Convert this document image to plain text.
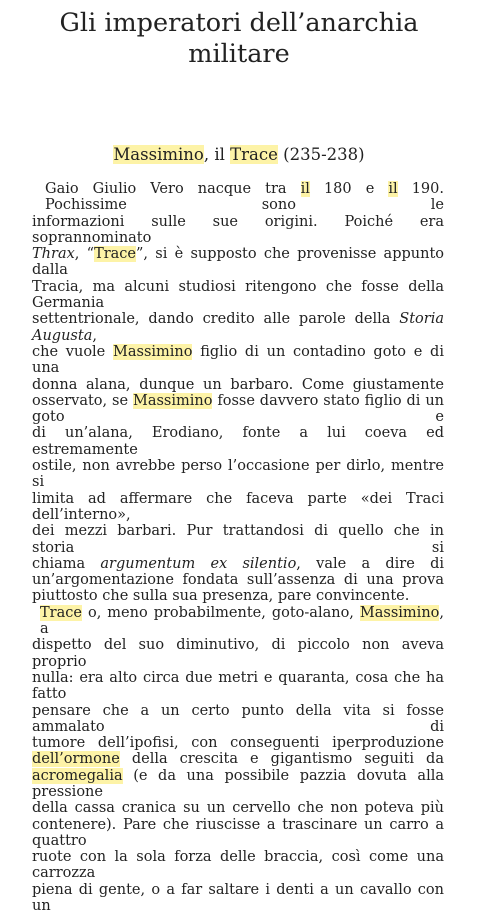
Gli imperatori dell’anarchia
militare
Massimino, il Trace (235-238)
Gaio Giulio Vero nacque tra il 180 e il 190. Pochissime sono le
informazioni sulle sue origini. Poiché era soprannominato
Thrax, “Trace”, si è supposto che provenisse appunto dalla
Tracia, ma alcuni studiosi ritengono che fosse della Germania
settentrionale, dando credito alle parole della Storia Augusta,
che vuole Massimino figlio di un contadino goto e di una
donna alana, dunque un barbaro. Come giustamente
osservato, se Massimino fosse davvero stato figlio di un goto e
di un’alana, Erodiano, fonte a lui coeva ed estremamente
ostile, non avrebbe perso l’occasione per dirlo, mentre si
limita ad affermare che faceva parte «dei Traci dell’interno»,
dei mezzi barbari. Pur trattandosi di quello che in storia si
chiama argumentum ex silentio, vale a dire di
un’argomentazione fondata sull’assenza di una prova
piuttosto che sulla sua presenza, pare convincente.
Trace o, meno probabilmente, goto-alano, Massimino, a
dispetto del suo diminutivo, di piccolo non aveva proprio
nulla: era alto circa due metri e quaranta, cosa che ha fatto
pensare che a un certo punto della vita si fosse ammalato di
tumore dell’ipofisi, con conseguenti iperproduzione
dell’ormone della crescita e gigantismo seguiti da
acromegalia (e da una possibile pazzia dovuta alla pressione
della cassa cranica su un cervello che non poteva più
contenere). Pare che riuscisse a trascinare un carro a quattro
ruote con la sola forza delle braccia, così come una carrozza
piena di gente, o a far saltare i denti a un cavallo con un
